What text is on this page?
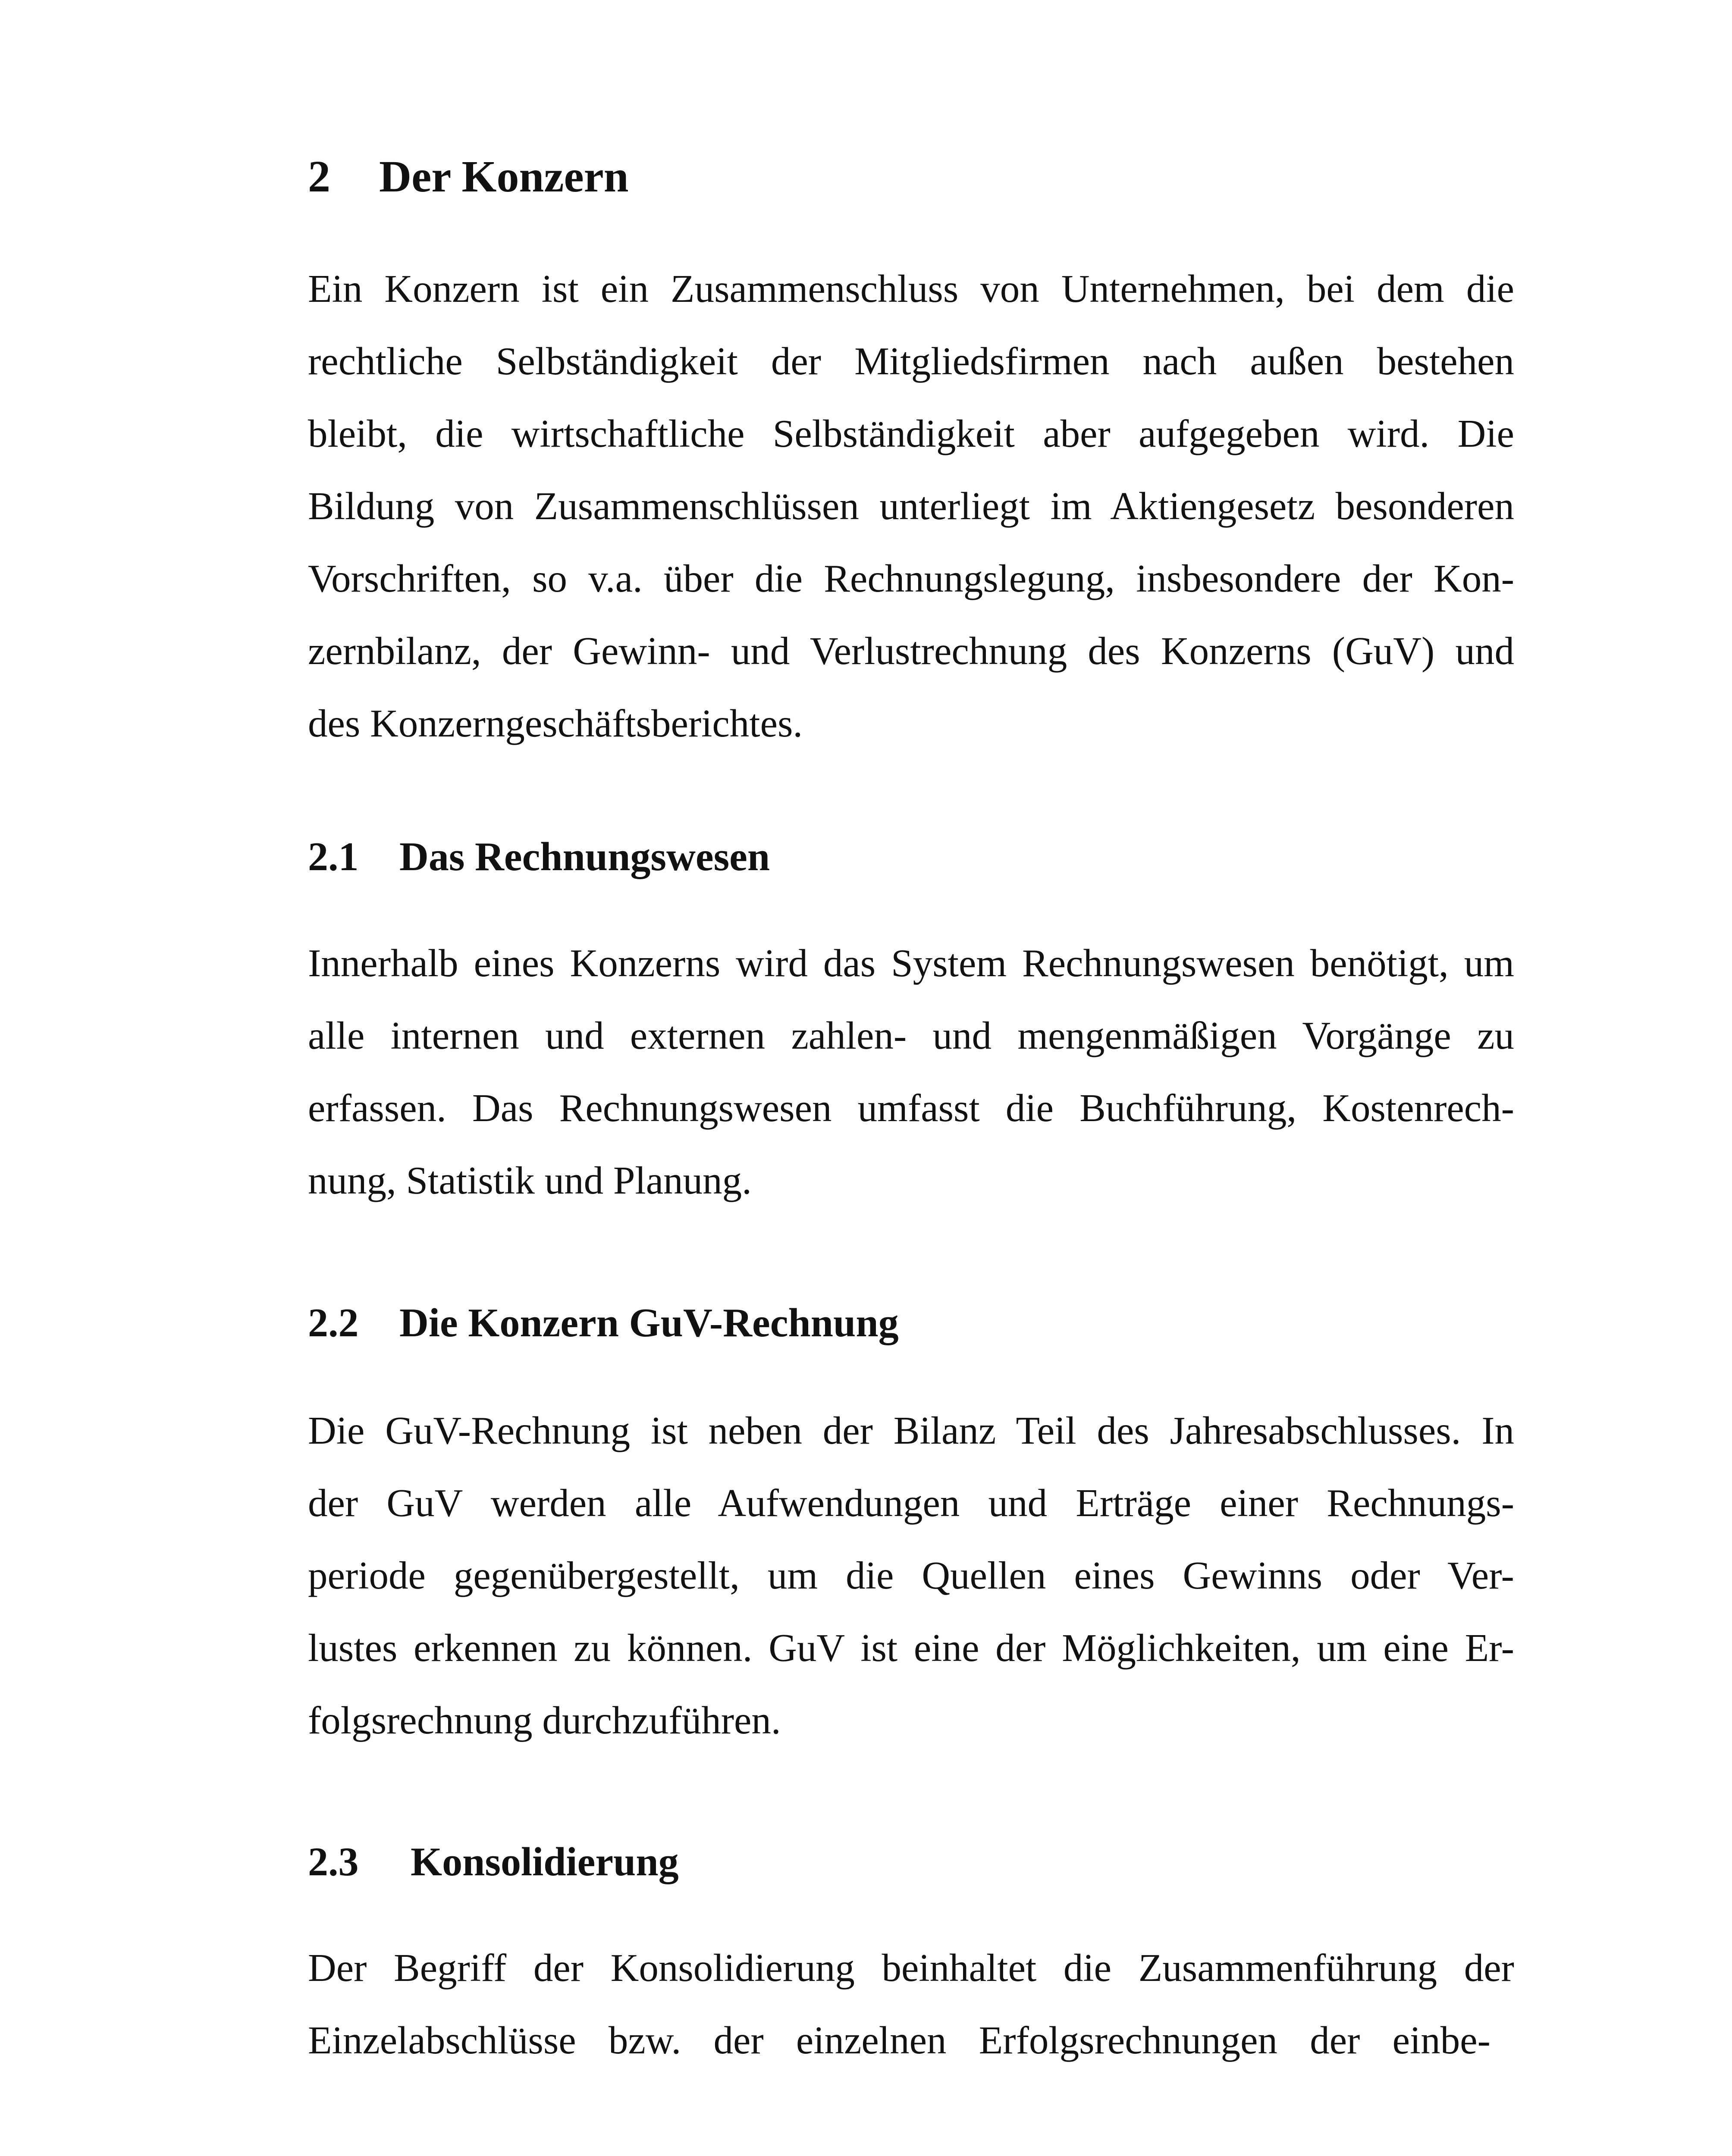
2 Der Konzern
Ein Konzern ist ein Zusammenschluss von Unternehmen, bei dem die
rechtliche Selbständigkeit der Mitgliedsfirmen nach außen bestehen
bleibt, die wirtschaftliche Selbständigkeit aber aufgegeben wird. Die
Bildung von Zusammenschlüssen unterliegt im Aktiengesetz besonderen
Vorschriften, so v.a. über die Rechnungslegung, insbesondere der Kon-
zernbilanz, der Gewinn- und Verlustrechnung des Konzerns (GuV) und
des Konzerngeschäftsberichtes.
2.1 Das Rechnungswesen
Innerhalb eines Konzerns wird das System Rechnungswesen benötigt, um
alle internen und externen zahlen- und mengenmäßigen Vorgänge zu
erfassen. Das Rechnungswesen umfasst die Buchführung, Kostenrech-
nung, Statistik und Planung.
2.2 Die Konzern GuV-Rechnung
Die GuV-Rechnung ist neben der Bilanz Teil des Jahresabschlusses. In
der GuV werden alle Aufwendungen und Erträge einer Rechnungs-
periode gegenübergestellt, um die Quellen eines Gewinns oder Ver-
lustes erkennen zu können. GuV ist eine der Möglichkeiten, um eine Er-
folgsrechnung durchzuführen.
2.3 Konsolidierung
Der Begriff der Konsolidierung beinhaltet die Zusammenführung der
Einzelabschlüsse bzw. der einzelnen Erfolgsrechnungen der einbe-
